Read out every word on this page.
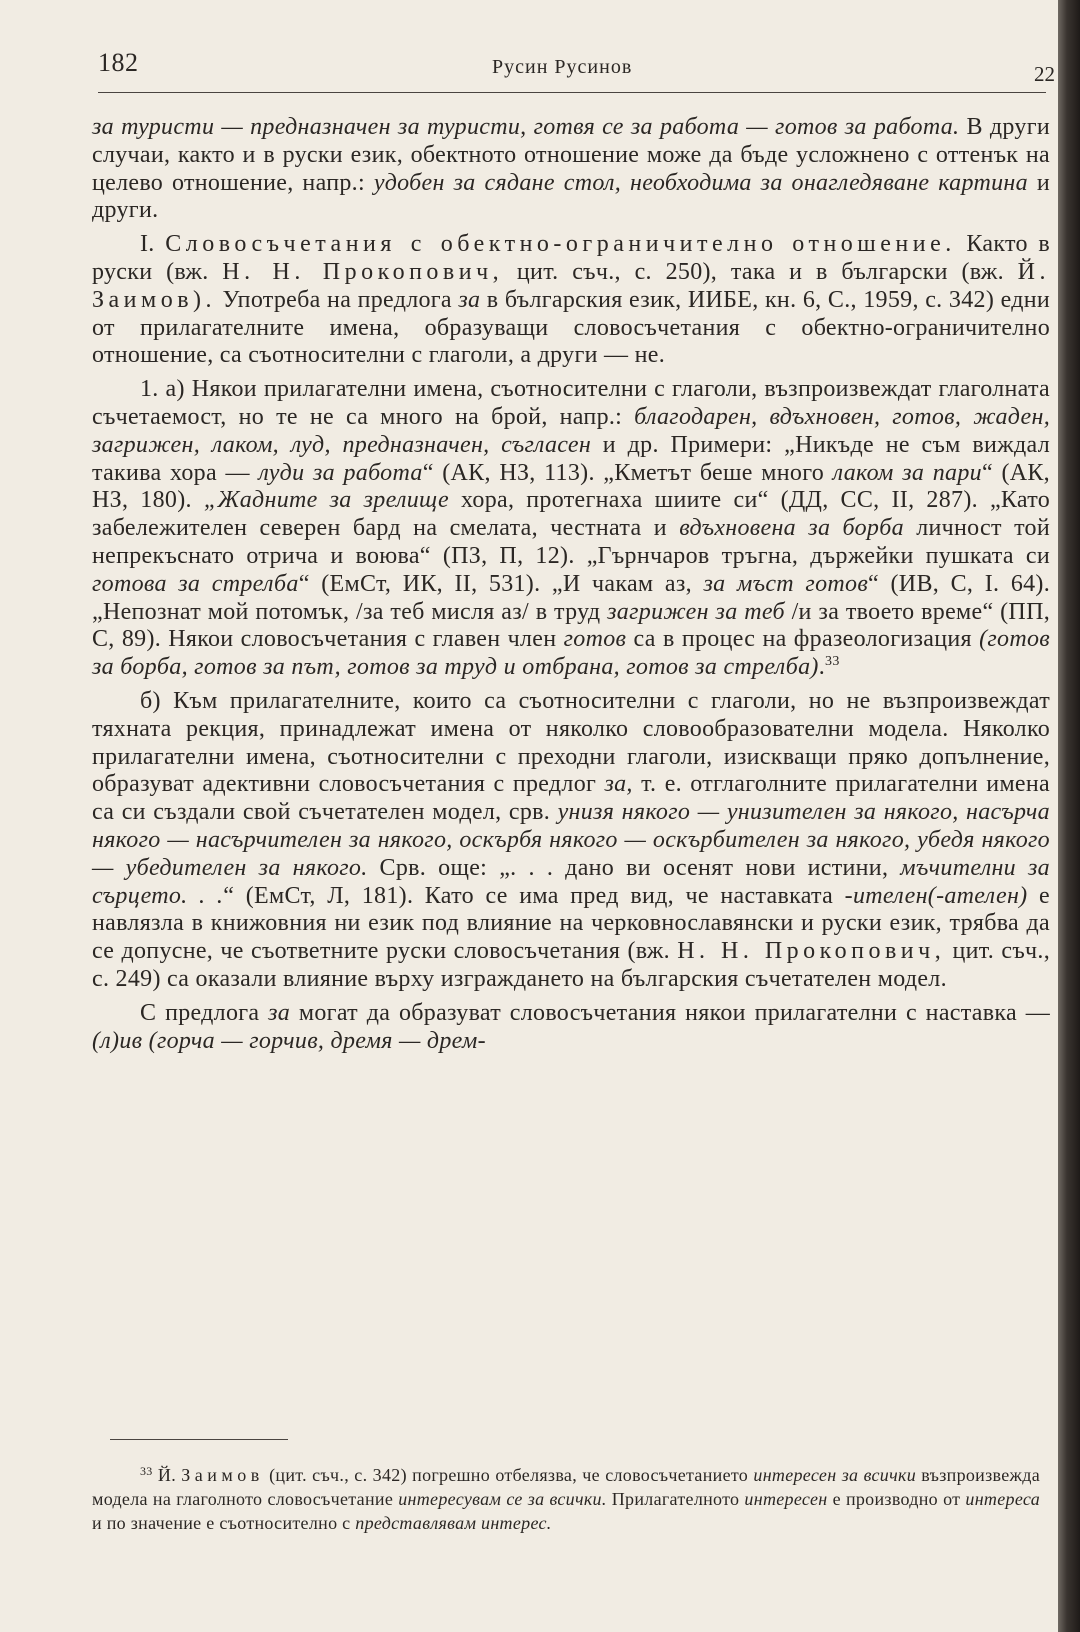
182	Русин Русинов	22

за туристи — предназначен за туристи, готвя се за работа — готов за работа. В други случаи, както и в руски език, обектното отношение може да бъде усложнено с оттенък на целево отношение, напр.: удобен за сядане стол, необходима за онагледяване картина и други.

I. Словосъчетания с обектно-ограничително отношение. Както в руски (вж. Н. Н. Прокопович, цит. съч., с. 250), така и в български (вж. Й. Заимов). Употреба на предлога за в българския език, ИИБЕ, кн. 6, С., 1959, с. 342) едни от прилагателните имена, образуващи словосъчетания с обектно-ограничително отношение, са съотносителни с глаголи, а други — не.

1. а) Някои прилагателни имена, съотносителни с глаголи, възпроизвеждат глаголната съчетаемост, но те не са много на брой, напр.: благодарен, вдъхновен, готов, жаден, загрижен, лаком, луд, предназначен, съгласен и др. Примери: „Никъде не съм виждал такива хора — луди за работа“ (АК, НЗ, 113). „Кметът беше много лаком за пари“ (АК, НЗ, 180). „Жадните за зрелище хора, протегнаха шиите си“ (ДД, СС, II, 287). „Като забележителен северен бард на смелата, честната и вдъхновена за борба личност той непрекъснато отрича и воюва“ (ПЗ, П, 12). „Гърнчаров тръгна, държейки пушката си готова за стрелба“ (ЕмСт, ИК, II, 531). „И чакам аз, за мъст готов“ (ИВ, С, I. 64). „Непознат мой потомък, /за теб мисля аз/ в труд загрижен за теб /и за твоето време“ (ПП, С, 89). Някои словосъчетания с главен член готов са в процес на фразеологизация (готов за борба, готов за път, готов за труд и отбрана, готов за стрелба).$^{33}$

б) Към прилагателните, които са съотносителни с глаголи, но не възпроизвеждат тяхната рекция, принадлежат имена от няколко словообразователни модела. Няколко прилагателни имена, съотносителни с преходни глаголи, изискващи пряко допълнение, образуват адективни словосъчетания с предлог за, т. е. отглаголните прилагателни имена са си създали свой съчетателен модел, срв. унизя някого — унизителен за някого, насърча някого — насърчителен за някого, оскърбя някого — оскърбителен за някого, убедя някого — убедителен за някого. Срв. още: „. . . дано ви осенят нови истини, мъчителни за сърцето. . .“ (ЕмСт, Л, 181). Като се има пред вид, че наставката -ителен(-ателен) е навлязла в книжовния ни език под влияние на черковнославянски и руски език, трябва да се допусне, че съответните руски словосъчетания (вж. Н. Н. Прокопович, цит. съч., с. 249) са оказали влияние върху изграждането на българския съчетателен модел.

С предлога за могат да образуват словосъчетания някои прилагателни с наставка — (л)ив (горча — горчив, дремя — дрем-

$^{33}$ Й. Заимов (цит. съч., с. 342) погрешно отбелязва, че словосъчетанието интересен за всички възпроизвежда модела на глаголното словосъчетание интересувам се за всички. Прилагателното интересен е производно от интереса и по значение е съотносително с представлявам интерес.
